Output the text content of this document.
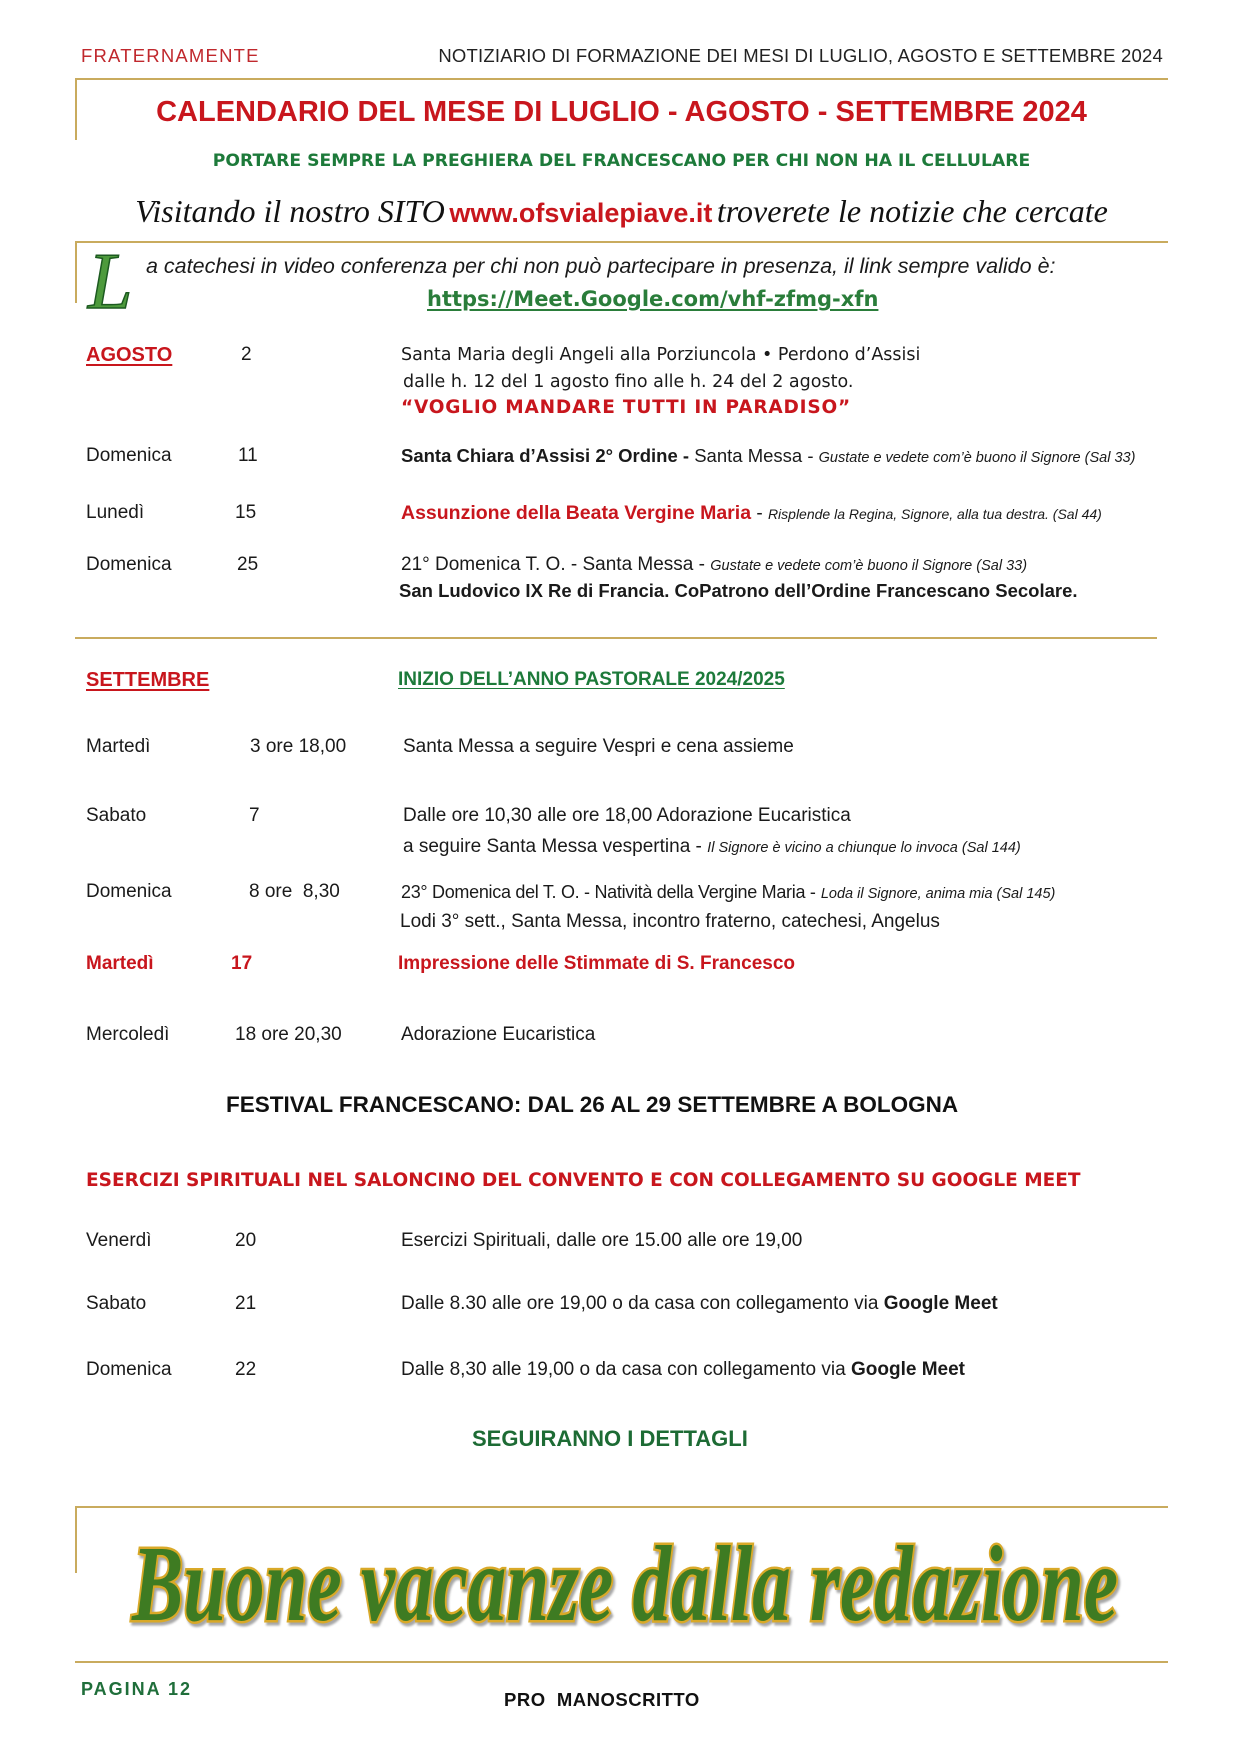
FRATERNAMENTE	NOTIZIARIO DI FORMAZIONE DEI MESI DI LUGLIO, AGOSTO E SETTEMBRE 2024
CALENDARIO DEL MESE DI LUGLIO - AGOSTO - SETTEMBRE 2024
PORTARE SEMPRE LA PREGHIERA DEL FRANCESCANO PER CHI NON HA IL CELLULARE
Visitando il nostro SITO www.ofsvialepiave.it troverete le notizie che cercate
L a catechesi in video conferenza per chi non può partecipare in presenza, il link sempre valido è:
https://Meet.Google.com/vhf-zfmg-xfn
AGOSTO	2	Santa Maria degli Angeli alla Porziuncola • Perdono d’Assisi
dalle h. 12 del 1 agosto fino alle h. 24 del 2 agosto.
“VOGLIO MANDARE TUTTI IN PARADISO”
Domenica	11	Santa Chiara d’Assisi 2° Ordine - Santa Messa - Gustate e vedete com’è buono il Signore (Sal 33)
Lunedì	15	Assunzione della Beata Vergine Maria - Risplende la Regina, Signore, alla tua destra. (Sal 44)
Domenica	25	21° Domenica T. O. - Santa Messa - Gustate e vedete com’è buono il Signore (Sal 33)
San Ludovico IX Re di Francia. CoPatrono dell’Ordine Francescano Secolare.
SETTEMBRE	INIZIO DELL’ANNO PASTORALE 2024/2025
Martedì	3 ore 18,00	Santa Messa a seguire Vespri e cena assieme
Sabato	7	Dalle ore 10,30 alle ore 18,00 Adorazione Eucaristica
a seguire Santa Messa vespertina - Il Signore è vicino a chiunque lo invoca (Sal 144)
Domenica	8 ore  8,30	23° Domenica del T. O. - Natività della Vergine Maria - Loda il Signore, anima mia (Sal 145)
Lodi 3° sett., Santa Messa, incontro fraterno, catechesi, Angelus
Martedì	17	Impressione delle Stimmate di S. Francesco
Mercoledì	18 ore 20,30	Adorazione Eucaristica
FESTIVAL FRANCESCANO: DAL 26 AL 29 SETTEMBRE A BOLOGNA
ESERCIZI SPIRITUALI NEL SALONCINO DEL CONVENTO E CON COLLEGAMENTO SU GOOGLE MEET
Venerdì	20	Esercizi Spirituali, dalle ore 15.00 alle ore 19,00
Sabato	21	Dalle 8.30 alle ore 19,00 o da casa con collegamento via Google Meet
Domenica	22	Dalle 8,30 alle 19,00 o da casa con collegamento via Google Meet
SEGUIRANNO I DETTAGLI
Buone vacanze dalla redazione
PAGINA 12	PRO  MANOSCRITTO
